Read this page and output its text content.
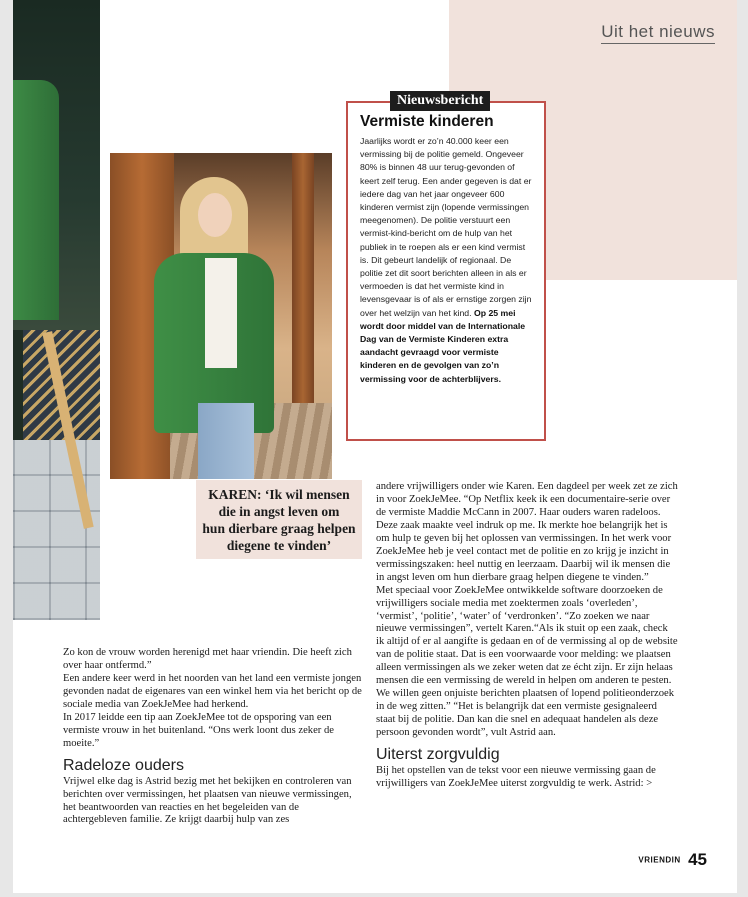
Uit het nieuws
KAREN: ‘Ik wil mensen
die in angst leven om
hun dierbare graag helpen
diegene te vinden’
Nieuwsbericht
Vermiste kinderen

Jaarlijks wordt er zo’n 40.000 keer een vermissing bij de politie gemeld. Ongeveer 80% is binnen 48 uur terug-gevonden of keert zelf terug. Een ander gegeven is dat er iedere dag van het jaar ongeveer 600 kinderen vermist zijn (lopende vermissingen meegenomen). De politie verstuurt een vermist-kind-bericht om de hulp van het publiek in te roepen als er een kind vermist is. Dit gebeurt landelijk of regionaal. De politie zet dit soort berichten alleen in als er vermoeden is dat het vermiste kind in levensgevaar is of als er ernstige zorgen zijn over het welzijn van het kind. Op 25 mei wordt door middel van de Internationale Dag van de Vermiste Kinderen extra aandacht gevraagd voor vermiste kinderen en de gevolgen van zo’n vermissing voor de achterblijvers.

Zo kon de vrouw worden herenigd met haar vriendin. Die heeft zich over haar ontfermd.”

Een andere keer werd in het noorden van het land een vermiste jongen gevonden nadat de eigenares van een winkel hem via het bericht op de sociale media van ZoekJeMee had herkend.

In 2017 leidde een tip aan ZoekJeMee tot de opsporing van een vermiste vrouw in het buitenland. “Ons werk loont dus zeker de moeite.”

Radeloze ouders

Vrijwel elke dag is Astrid bezig met het bekijken en controleren van berichten over vermissingen, het plaatsen van nieuwe vermissingen, het beantwoorden van reacties en het begeleiden van de achtergebleven familie. Ze krijgt daarbij hulp van zes

andere vrijwilligers onder wie Karen. Een dagdeel per week zet ze zich in voor ZoekJeMee. “Op Netflix keek ik een documentaire-serie over de vermiste Maddie McCann in 2007. Haar ouders waren radeloos. Deze zaak maakte veel indruk op me. Ik merkte hoe belangrijk het is om hulp te geven bij het oplossen van vermissingen. In het werk voor ZoekJeMee heb je veel contact met de politie en zo krijg je inzicht in vermissingszaken: heel nuttig en leerzaam. Daarbij wil ik mensen die in angst leven om hun dierbare graag helpen diegene te vinden.”

Met speciaal voor ZoekJeMee ontwikkelde software doorzoeken de vrijwilligers sociale media met zoektermen zoals ‘overleden’, ‘vermist’, ‘politie’, ‘water’ of ‘verdronken’. “Zo zoeken we naar nieuwe vermissingen”, vertelt Karen.“Als ik stuit op een zaak, check ik altijd of er al aangifte is gedaan en of de vermissing al op de website van de politie staat. Dat is een voorwaarde voor melding: we plaatsen alleen vermissingen als we zeker weten dat ze écht zijn. Er zijn helaas mensen die een vermissing de wereld in helpen om anderen te pesten. We willen geen onjuiste berichten plaatsen of lopend politieonderzoek in de weg zitten.” “Het is belangrijk dat een vermiste gesignaleerd staat bij de politie. Dan kan die snel en adequaat handelen als deze persoon gevonden wordt”, vult Astrid aan.

Uiterst zorgvuldig

Bij het opstellen van de tekst voor een nieuwe vermissing gaan de vrijwilligers van ZoekJeMee uiterst zorgvuldig te werk. Astrid: >

VRIENDIN 45
